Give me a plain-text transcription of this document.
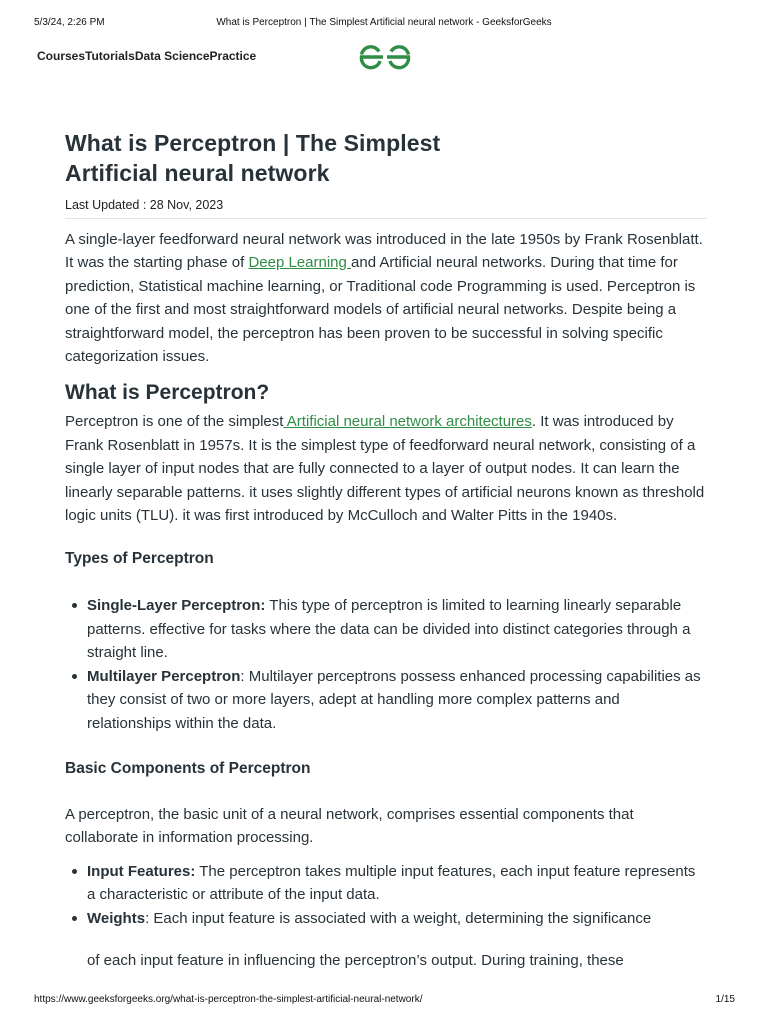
5/3/24, 2:26 PM	What is Perceptron | The Simplest Artificial neural network - GeeksforGeeks
CoursesTutorialsData SciencePractice
What is Perceptron | The Simplest Artificial neural network
Last Updated : 28 Nov, 2023

A single-layer feedforward neural network was introduced in the late 1950s by Frank Rosenblatt. It was the starting phase of Deep Learning and Artificial neural networks. During that time for prediction, Statistical machine learning, or Traditional code Programming is used. Perceptron is one of the first and most straightforward models of artificial neural networks. Despite being a straightforward model, the perceptron has been proven to be successful in solving specific categorization issues.

What is Perceptron?

Perceptron is one of the simplest Artificial neural network architectures. It was introduced by Frank Rosenblatt in 1957s. It is the simplest type of feedforward neural network, consisting of a single layer of input nodes that are fully connected to a layer of output nodes. It can learn the linearly separable patterns. it uses slightly different types of artificial neurons known as threshold logic units (TLU). it was first introduced by McCulloch and Walter Pitts in the 1940s.

Types of Perceptron
Single-Layer Perceptron: This type of perceptron is limited to learning linearly separable patterns. effective for tasks where the data can be divided into distinct categories through a straight line.
Multilayer Perceptron: Multilayer perceptrons possess enhanced processing capabilities as they consist of two or more layers, adept at handling more complex patterns and relationships within the data.
Basic Components of Perceptron

A perceptron, the basic unit of a neural network, comprises essential components that collaborate in information processing.

Input Features: The perceptron takes multiple input features, each input feature represents a characteristic or attribute of the input data.
Weights: Each input feature is associated with a weight, determining the significance

of each input feature in influencing the perceptron’s output. During training, these

https://www.geeksforgeeks.org/what-is-perceptron-the-simplest-artificial-neural-network/	1/15
